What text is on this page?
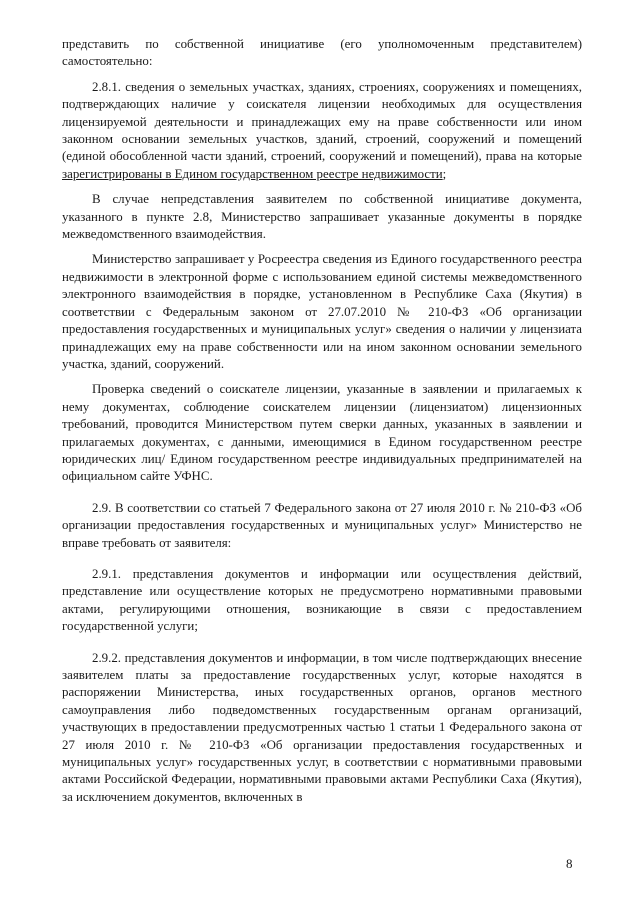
представить по собственной инициативе (его уполномоченным представителем) самостоятельно:

2.8.1. сведения о земельных участках, зданиях, строениях, сооружениях и помещениях, подтверждающих наличие у соискателя лицензии необходимых для осуществления лицензируемой деятельности и принадлежащих ему на праве собственности или ином законном основании земельных участков, зданий, строений, сооружений и помещений (единой обособленной части зданий, строений, сооружений и помещений), права на которые зарегистрированы в Едином государственном реестре недвижимости;

В случае непредставления заявителем по собственной инициативе документа, указанного в пункте 2.8, Министерство запрашивает указанные документы в порядке межведомственного взаимодействия.

Министерство запрашивает у Росреестра сведения из Единого государственного реестра недвижимости в электронной форме с использованием единой системы межведомственного электронного взаимодействия в порядке, установленном в Республике Саха (Якутия) в соответствии с Федеральным законом от 27.07.2010 № 210-ФЗ «Об организации предоставления государственных и муниципальных услуг» сведения о наличии у лицензиата принадлежащих ему на праве собственности или на ином законном основании земельного участка, зданий, сооружений.

Проверка сведений о соискателе лицензии, указанные в заявлении и прилагаемых к нему документах, соблюдение соискателем лицензии (лицензиатом) лицензионных требований, проводится Министерством путем сверки данных, указанных в заявлении и прилагаемых документах, с данными, имеющимися в Едином государственном реестре юридических лиц/ Едином государственном реестре индивидуальных предпринимателей на официальном сайте УФНС.

2.9. В соответствии со статьей 7 Федерального закона от 27 июля 2010 г. № 210-ФЗ «Об организации предоставления государственных и муниципальных услуг» Министерство не вправе требовать от заявителя:

2.9.1. представления документов и информации или осуществления действий, представление или осуществление которых не предусмотрено нормативными правовыми актами, регулирующими отношения, возникающие в связи с предоставлением государственной услуги;

2.9.2. представления документов и информации, в том числе подтверждающих внесение заявителем платы за предоставление государственных услуг, которые находятся в распоряжении Министерства, иных государственных органов, органов местного самоуправления либо подведомственных государственным органам организаций, участвующих в предоставлении предусмотренных частью 1 статьи 1 Федерального закона от 27 июля 2010 г. № 210-ФЗ «Об организации предоставления государственных и муниципальных услуг» государственных услуг, в соответствии с нормативными правовыми актами Российской Федерации, нормативными правовыми актами Республики Саха (Якутия), за исключением документов, включенных в

8
